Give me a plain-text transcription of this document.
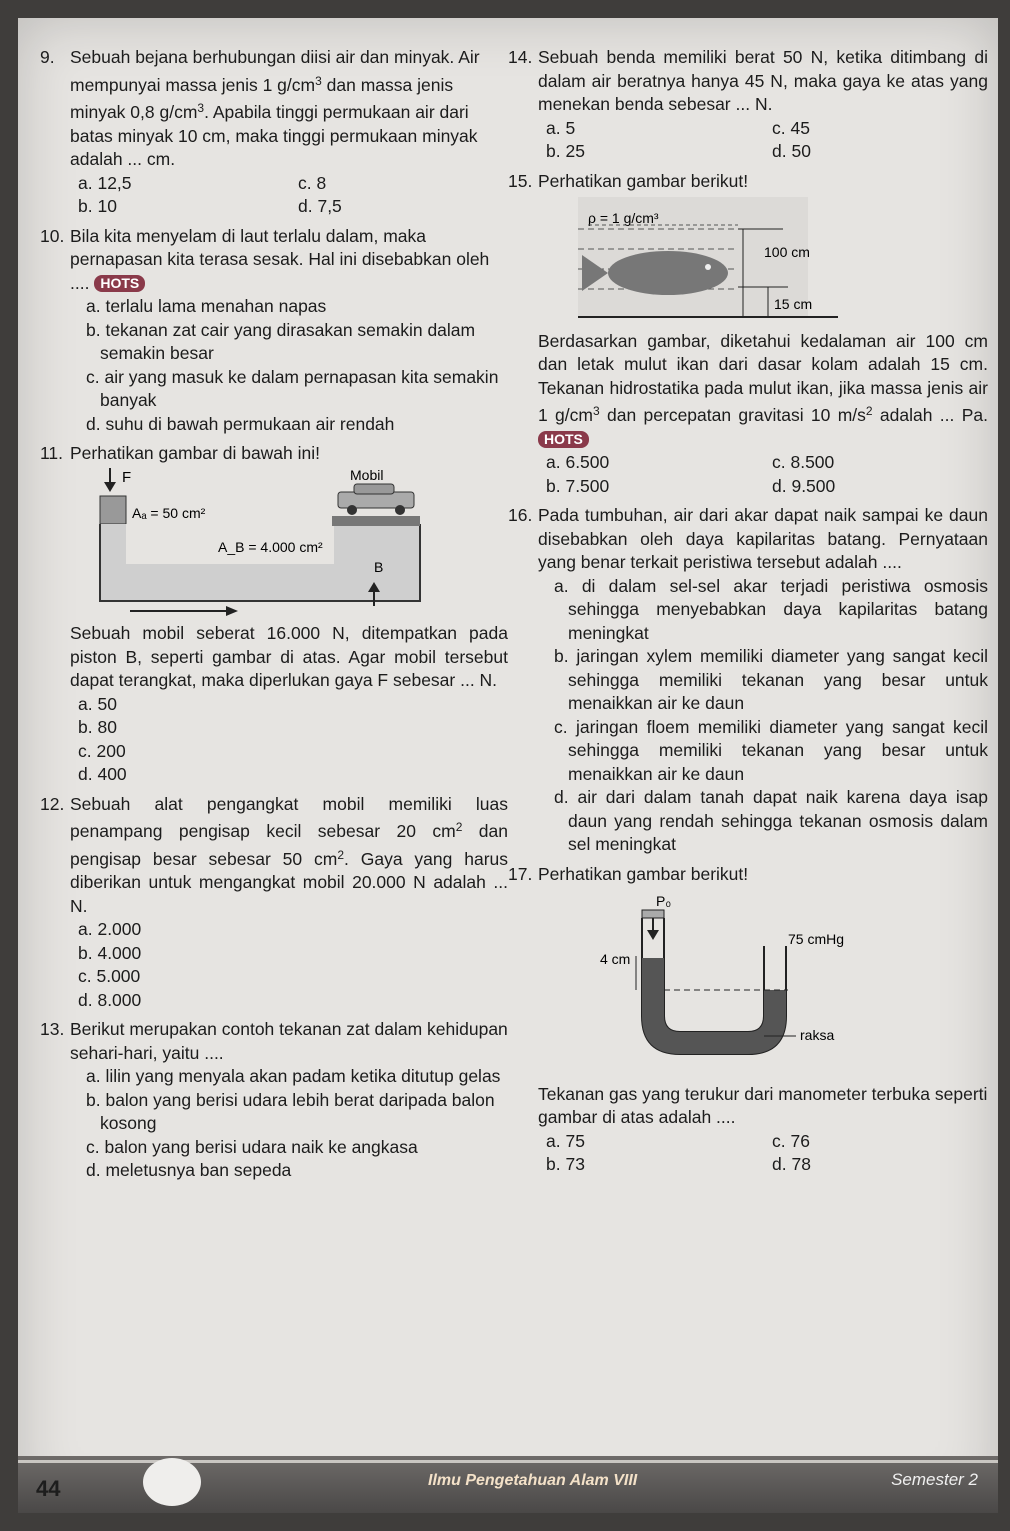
9. Sebuah bejana berhubungan diisi air dan minyak. Air mempunyai massa jenis 1 $g/cm^3$ dan massa jenis minyak 0,8 $g/cm^3$. Apabila tinggi permukaan air dari batas minyak 10 cm, maka tinggi permukaan minyak adalah ... cm.
a. 12,5	c. 8
b. 10	d. 7,5
10. Bila kita menyelam di laut terlalu dalam, maka pernapasan kita terasa sesak. Hal ini disebabkan oleh .... HOTS
a. terlalu lama menahan napas
b. tekanan zat cair yang dirasakan semakin dalam semakin besar
c. air yang masuk ke dalam pernapasan kita semakin banyak
d. suhu di bawah permukaan air rendah
11. Perhatikan gambar di bawah ini!
F
Aₐ = 50 cm²
Mobil
A_B = 4.000 cm²
B
Sebuah mobil seberat 16.000 N, ditempatkan pada piston B, seperti gambar di atas. Agar mobil tersebut dapat terangkat, maka diperlukan gaya F sebesar ... N.
a. 50
b. 80
c. 200
d. 400
12. Sebuah alat pengangkat mobil memiliki luas penampang pengisap kecil sebesar 20 $cm^2$ dan pengisap besar sebesar 50 $cm^2$. Gaya yang harus diberikan untuk mengangkat mobil 20.000 N adalah ... N.
a. 2.000
b. 4.000
c. 5.000
d. 8.000
13. Berikut merupakan contoh tekanan zat dalam kehidupan sehari-hari, yaitu ....
a. lilin yang menyala akan padam ketika ditutup gelas
b. balon yang berisi udara lebih berat daripada balon kosong
c. balon yang berisi udara naik ke angkasa
d. meletusnya ban sepeda
14. Sebuah benda memiliki berat 50 N, ketika ditimbang di dalam air beratnya hanya 45 N, maka gaya ke atas yang menekan benda sebesar ... N.
a. 5	c. 45
b. 25	d. 50
15. Perhatikan gambar berikut!
ρ = 1 g/cm³
100 cm
15 cm
Berdasarkan gambar, diketahui kedalaman air 100 cm dan letak mulut ikan dari dasar kolam adalah 15 cm. Tekanan hidrostatika pada mulut ikan, jika massa jenis air 1 $g/cm^3$ dan percepatan gravitasi 10 $m/s^2$ adalah ... Pa. HOTS
a. 6.500	c. 8.500
b. 7.500	d. 9.500
16. Pada tumbuhan, air dari akar dapat naik sampai ke daun disebabkan oleh daya kapilaritas batang. Pernyataan yang benar terkait peristiwa tersebut adalah ....
a. di dalam sel-sel akar terjadi peristiwa osmosis sehingga menyebabkan daya kapilaritas batang meningkat
b. jaringan xylem memiliki diameter yang sangat kecil sehingga memiliki tekanan yang besar untuk menaikkan air ke daun
c. jaringan floem memiliki diameter yang sangat kecil sehingga memiliki tekanan yang besar untuk menaikkan air ke daun
d. air dari dalam tanah dapat naik karena daya isap daun yang rendah sehingga tekanan osmosis dalam sel meningkat
17. Perhatikan gambar berikut!
P₀
75 cmHg
4 cm
raksa
Tekanan gas yang terukur dari manometer terbuka seperti gambar di atas adalah ....
a. 75	c. 76
b. 73	d. 78
44	Ilmu Pengetahuan Alam VIII	Semester 2
